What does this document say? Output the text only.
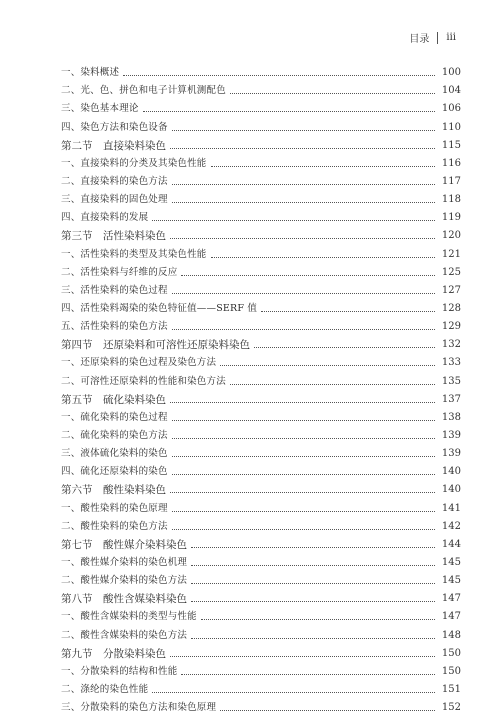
目录 ⅲ
一、染料概述	100
二、光、色、拼色和电子计算机测配色	104
三、染色基本理论	106
四、染色方法和染色设备	110
第二节　直接染料染色	115
一、直接染料的分类及其染色性能	116
二、直接染料的染色方法	117
三、直接染料的固色处理	118
四、直接染料的发展	119
第三节　活性染料染色	120
一、活性染料的类型及其染色性能	121
二、活性染料与纤维的反应	125
三、活性染料的染色过程	127
四、活性染料竭染的染色特征值——SERF 值	128
五、活性染料的染色方法	129
第四节　还原染料和可溶性还原染料染色	132
一、还原染料的染色过程及染色方法	133
二、可溶性还原染料的性能和染色方法	135
第五节　硫化染料染色	137
一、硫化染料的染色过程	138
二、硫化染料的染色方法	139
三、液体硫化染料的染色	139
四、硫化还原染料的染色	140
第六节　酸性染料染色	140
一、酸性染料的染色原理	141
二、酸性染料的染色方法	142
第七节　酸性媒介染料染色	144
一、酸性媒介染料的染色机理	145
二、酸性媒介染料的染色方法	145
第八节　酸性含媒染料染色	147
一、酸性含媒染料的类型与性能	147
二、酸性含媒染料的染色方法	148
第九节　分散染料染色	150
一、分散染料的结构和性能	150
二、涤纶的染色性能	151
三、分散染料的染色方法和染色原理	152
